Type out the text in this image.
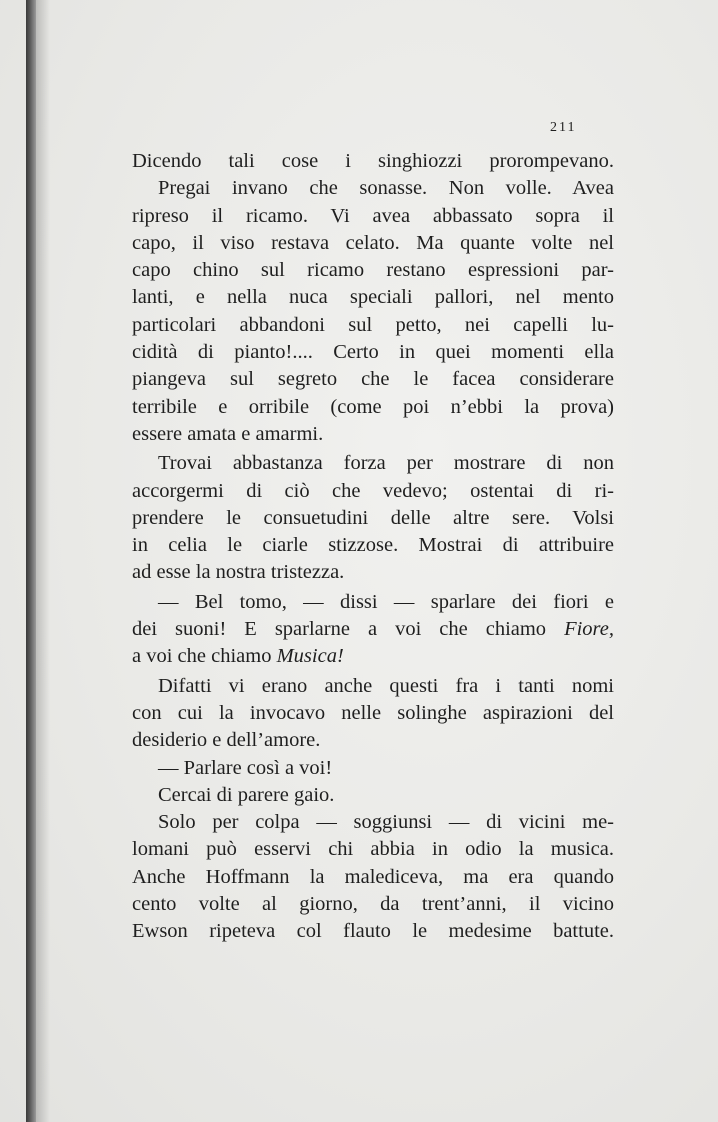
211
Dicendo tali cose i singhiozzi prorompevano.
Pregai invano che sonasse. Non volle. Avea
ripreso il ricamo. Vi avea abbassato sopra il
capo, il viso restava celato. Ma quante volte nel
capo chino sul ricamo restano espressioni par-
lanti, e nella nuca speciali pallori, nel mento
particolari abbandoni sul petto, nei capelli lu-
cidità di pianto!.... Certo in quei momenti ella
piangeva sul segreto che le facea considerare
terribile e orribile (come poi n’ebbi la prova)
essere amata e amarmi.
Trovai abbastanza forza per mostrare di non
accorgermi di ciò che vedevo; ostentai di ri-
prendere le consuetudini delle altre sere. Volsi
in celia le ciarle stizzose. Mostrai di attribuire
ad esse la nostra tristezza.
— Bel tomo, — dissi — sparlare dei fiori e
dei suoni! E sparlarne a voi che chiamo Fiore,
a voi che chiamo Musica!
Difatti vi erano anche questi fra i tanti nomi
con cui la invocavo nelle solinghe aspirazioni del
desiderio e dell’amore.
— Parlare così a voi!
Cercai di parere gaio.
Solo per colpa — soggiunsi — di vicini me-
lomani può esservi chi abbia in odio la musica.
Anche Hoffmann la malediceva, ma era quando
cento volte al giorno, da trent’anni, il vicino
Ewson ripeteva col flauto le medesime battute.
